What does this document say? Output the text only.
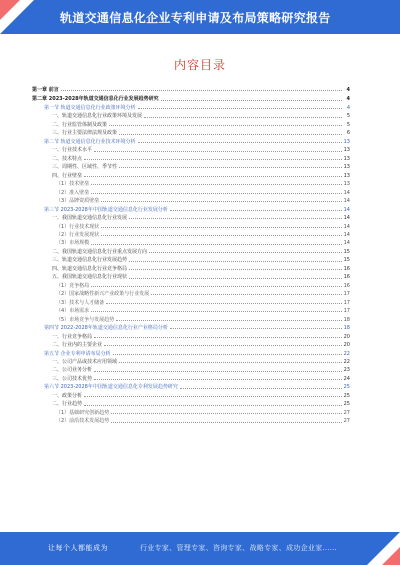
轨道交通信息化企业专利申请及布局策略研究报告
内容目录
第一章 前言	4
第二章 2023-2028年轨道交通信息化行业发展趋势研究	4
第一节 轨道交通信息化行业政策环境分析	4
一、轨道交通信息化行业政策环境及发展	5
二、行业监管体制及政策	5
三、行业主要法律法规及政策	6
第二节 轨道交通信息化行业技术环境分析	13
一、行业技术水平	13
二、技术特点	13
三、周期性、区域性、季节性	13
四、行业壁垒	13
（1）技术壁垒	13
（2）准入壁垒	14
（3）品牌资质壁垒	14
第三节 2023-2028年中国轨道交通信息化行业发展分析	14
一、我国轨道交通信息化行业发展	14
（1）行业技术现状	14
（2）行业发展现状	14
（3）市场规模	14
二、我国轨道交通信息化行业重点发展方向	15
三、轨道交通信息化行业发展趋势	15
四、轨道交通信息化行业竞争格局	16
五、我国轨道交通信息化行业现状	16
（1）竞争格局	16
（2）国家战略性新兴产业政策与行业发展	17
（3）技术与人才储备	17
（4）市场需求	17
（5）市场竞争与发展趋势	18
第四节 2022-2028年轨道交通信息化行业产业格局分析	18
一、行业竞争格局	20
二、行业内的主要企业	20
第五节 企业专利申请布局分析	22
一、公司产品或技术应用领域	22
二、公司业务分析	23
三、公司技术优势	24
第六节 2023-2028年中国轨道交通信息化专利发展趋势研究	25
一、政策分析	25
二、行业趋势	25
（1）基础研究创新趋势	27
（2）前沿技术发展趋势	27
让每个人都能成为	行业专家、管理专家、咨询专家、战略专家、成功企业家……
